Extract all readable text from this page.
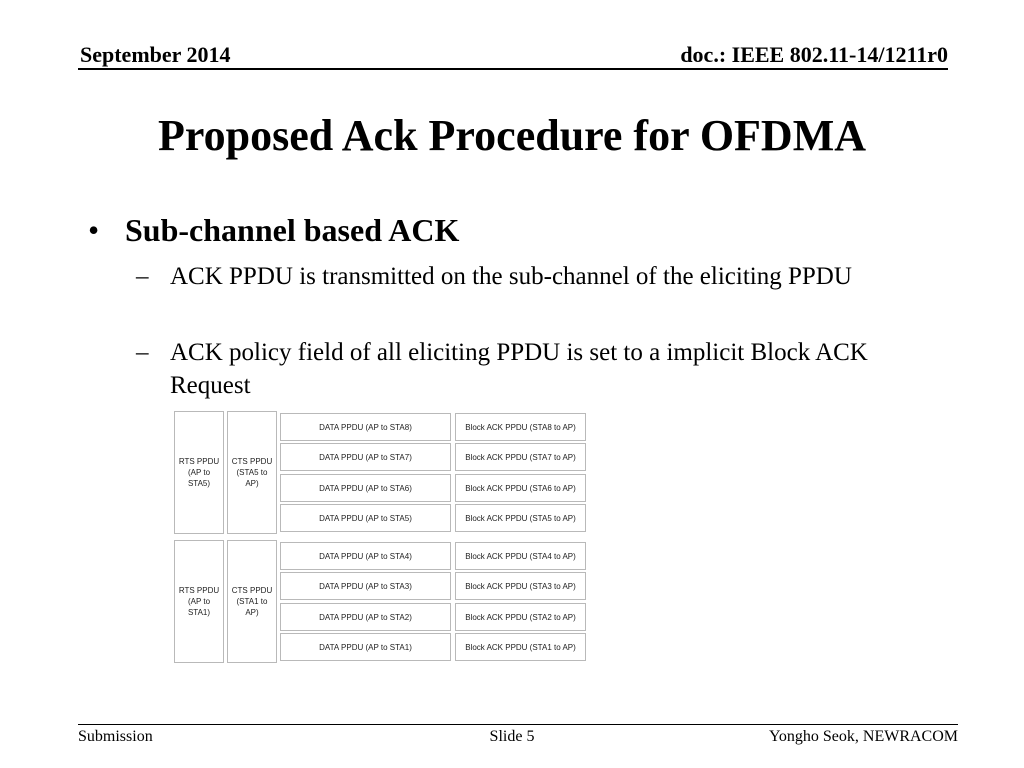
September 2014	doc.: IEEE 802.11-14/1211r0
Proposed Ack Procedure for OFDMA
• Sub-channel based ACK
– ACK PPDU is transmitted on the sub-channel of the eliciting PPDU
– ACK policy field of all eliciting PPDU is set to a implicit Block ACK Request
RTS PPDU
(AP to
STA5)
CTS PPDU
(STA5 to
AP)
DATA PPDU (AP to STA8)
DATA PPDU (AP to STA7)
DATA PPDU (AP to STA6)
DATA PPDU (AP to STA5)
Block ACK PPDU (STA8 to AP)
Block ACK PPDU (STA7 to AP)
Block ACK PPDU (STA6 to AP)
Block ACK PPDU (STA5 to AP)
RTS PPDU
(AP to
STA1)
CTS PPDU
(STA1 to
AP)
DATA PPDU (AP to STA4)
DATA PPDU (AP to STA3)
DATA PPDU (AP to STA2)
DATA PPDU (AP to STA1)
Block ACK PPDU (STA4 to AP)
Block ACK PPDU (STA3 to AP)
Block ACK PPDU (STA2 to AP)
Block ACK PPDU (STA1 to AP)
Submission	Slide 5	Yongho Seok, NEWRACOM
